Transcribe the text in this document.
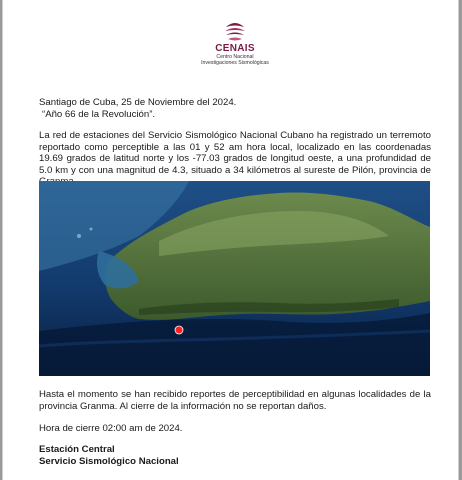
CENAIS
Centro Nacional
Investigaciones Sismológicas
Santiago de Cuba, 25 de Noviembre del 2024.
“Año 66 de la Revolución”.
La red de estaciones del Servicio Sismológico Nacional Cubano ha registrado un terremoto reportado como perceptible a las 01 y 52 am hora local, localizado en las coordenadas 19.69 grados de latitud norte y los -77.03 grados de longitud oeste, a una profundidad de 5.0 km y con una magnitud de 4.3, situado a 34 kilómetros al sureste de Pilón, provincia de
Hasta el momento se han recibido reportes de perceptibilidad en algunas localidades de la provincia Granma. Al cierre de la información no se reportan daños.
Hora de cierre 02:00 am de 2024.
Estación Central
Servicio Sismológico Nacional
